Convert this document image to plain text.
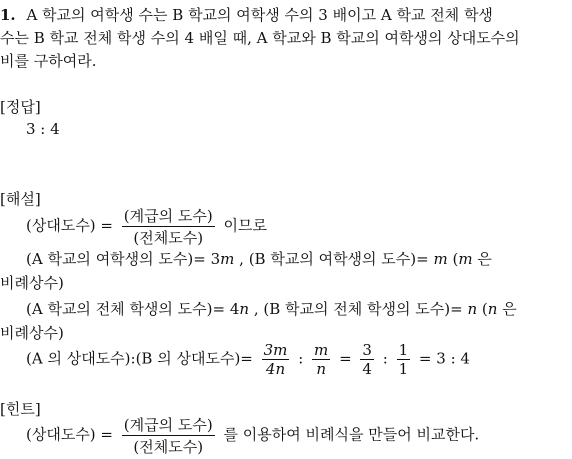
1. A 학교의 여학생 수는 B 학교의 여학생 수의 3 배이고 A 학교 전체 학생
수는 B 학교 전체 학생 수의 4 배일 때, A 학교와 B 학교의 여학생의 상대도수의
비를 구하여라.
[정답]
3 : 4
[해설]
(상대도수) = $\frac{\text{(계급의 도수)}}{\text{(전체도수)}}$ 이므로
(A 학교의 여학생의 도수)= 3m , (B 학교의 여학생의 도수)= m (m 은
비례상수)
(A 학교의 전체 학생의 도수)= 4n , (B 학교의 전체 학생의 도수)= n (n 은
비례상수)
(A 의 상대도수):(B 의 상대도수)= $\frac{3m}{4n}$ : $\frac{m}{n} = \frac{3}{4}$ : $\frac{1}{1} = 3$ : 4
[힌트]
(상대도수) = $\frac{\text{(계급의 도수)}}{\text{(전체도수)}}$ 를 이용하여 비례식을 만들어 비교한다.
